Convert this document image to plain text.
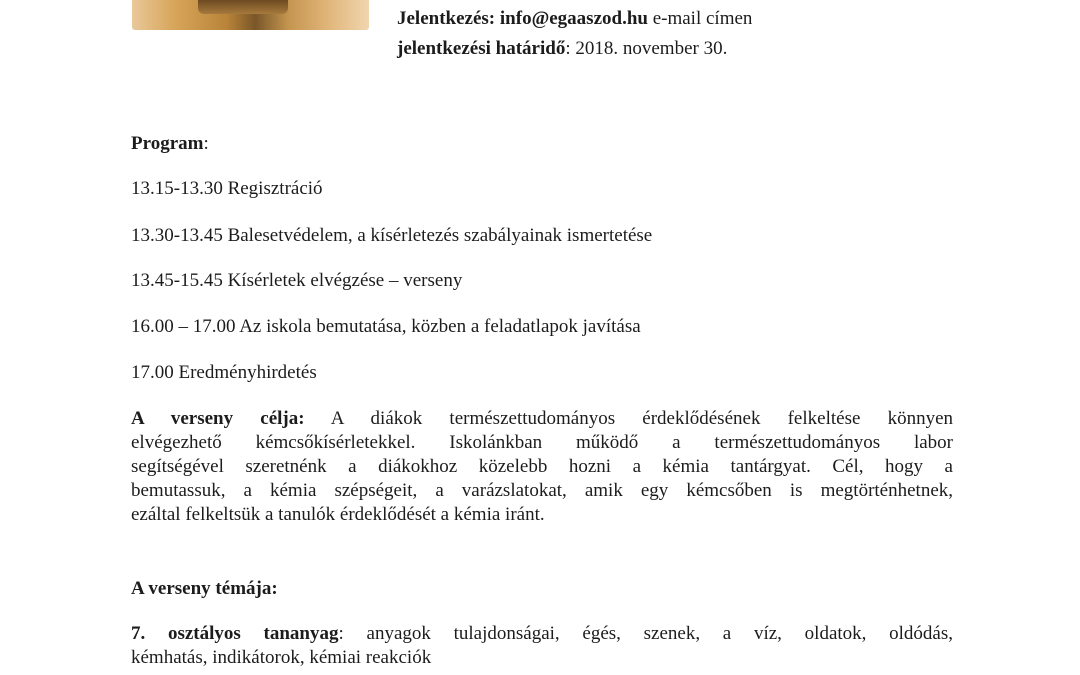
Jelentkezés: info@egaaszod.hu e-mail címen
jelentkezési határidő: 2018. november 30.
Program:
13.15-13.30 Regisztráció
13.30-13.45 Balesetvédelem, a kísérletezés szabályainak ismertetése
13.45-15.45 Kísérletek elvégzése – verseny
16.00 – 17.00 Az iskola bemutatása, közben a feladatlapok javítása
17.00 Eredményhirdetés
A verseny célja: A diákok természettudományos érdeklődésének felkeltése könnyen
elvégezhető kémcsőkísérletekkel. Iskolánkban működő a természettudományos labor
segítségével szeretnénk a diákokhoz közelebb hozni a kémia tantárgyat. Cél, hogy a
bemutassuk, a kémia szépségeit, a varázslatokat, amik egy kémcsőben is megtörténhetnek,
ezáltal felkeltsük a tanulók érdeklődését a kémia iránt.
A verseny témája:
7. osztályos tananyag: anyagok tulajdonságai, égés, szenek, a víz, oldatok, oldódás,
kémhatás, indikátorok, kémiai reakciók
